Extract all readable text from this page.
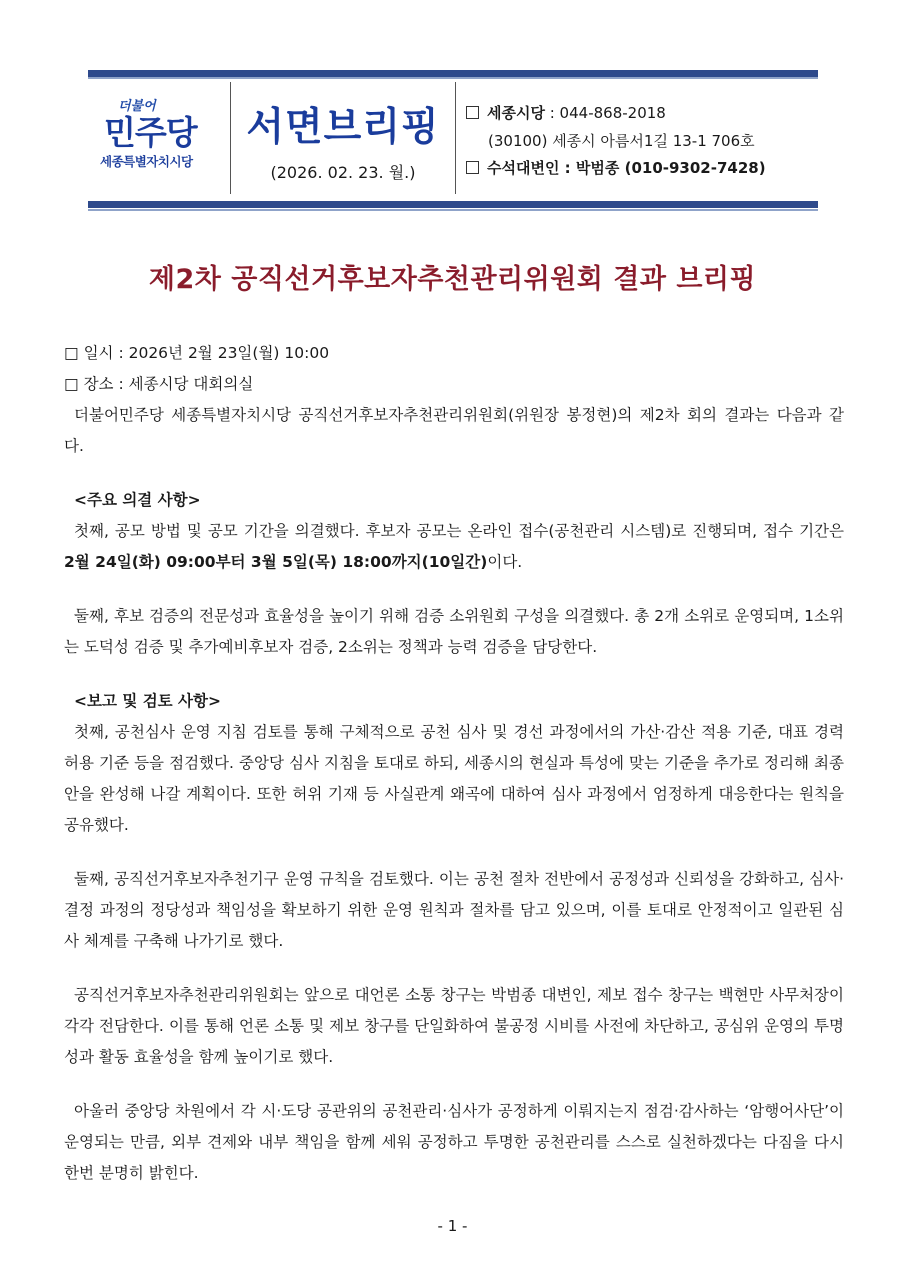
더불어
민주당
세종특별자치시당
서면브리핑
(2026. 02. 23. 월.)
세종시당 : 044-868-2018
(30100) 세종시 아름서1길 13-1 706호
수석대변인 : 박범종 (010-9302-7428)
제2차 공직선거후보자추천관리위원회 결과 브리핑
□ 일시 : 2026년 2월 23일(월) 10:00
□ 장소 : 세종시당 대회의실
더불어민주당 세종특별자치시당 공직선거후보자추천관리위원회(위원장 봉정현)의 제2차 회의 결과는 다음과 같다.
<주요 의결 사항>
첫째, 공모 방법 및 공모 기간을 의결했다. 후보자 공모는 온라인 접수(공천관리 시스템)로 진행되며, 접수 기간은 2월 24일(화) 09:00부터 3월 5일(목) 18:00까지(10일간)이다.
둘째, 후보 검증의 전문성과 효율성을 높이기 위해 검증 소위원회 구성을 의결했다. 총 2개 소위로 운영되며, 1소위는 도덕성 검증 및 추가예비후보자 검증, 2소위는 정책과 능력 검증을 담당한다.
<보고 및 검토 사항>
첫째, 공천심사 운영 지침 검토를 통해 구체적으로 공천 심사 및 경선 과정에서의 가산·감산 적용 기준, 대표 경력 허용 기준 등을 점검했다. 중앙당 심사 지침을 토대로 하되, 세종시의 현실과 특성에 맞는 기준을 추가로 정리해 최종안을 완성해 나갈 계획이다. 또한 허위 기재 등 사실관계 왜곡에 대하여 심사 과정에서 엄정하게 대응한다는 원칙을 공유했다.
둘째, 공직선거후보자추천기구 운영 규칙을 검토했다. 이는 공천 절차 전반에서 공정성과 신뢰성을 강화하고, 심사·결정 과정의 정당성과 책임성을 확보하기 위한 운영 원칙과 절차를 담고 있으며, 이를 토대로 안정적이고 일관된 심사 체계를 구축해 나가기로 했다.
공직선거후보자추천관리위원회는 앞으로 대언론 소통 창구는 박범종 대변인, 제보 접수 창구는 백현만 사무처장이 각각 전담한다. 이를 통해 언론 소통 및 제보 창구를 단일화하여 불공정 시비를 사전에 차단하고, 공심위 운영의 투명성과 활동 효율성을 함께 높이기로 했다.
아울러 중앙당 차원에서 각 시·도당 공관위의 공천관리·심사가 공정하게 이뤄지는지 점검·감사하는 ‘암행어사단’이 운영되는 만큼, 외부 견제와 내부 책임을 함께 세워 공정하고 투명한 공천관리를 스스로 실천하겠다는 다짐을 다시 한번 분명히 밝힌다.
- 1 -
